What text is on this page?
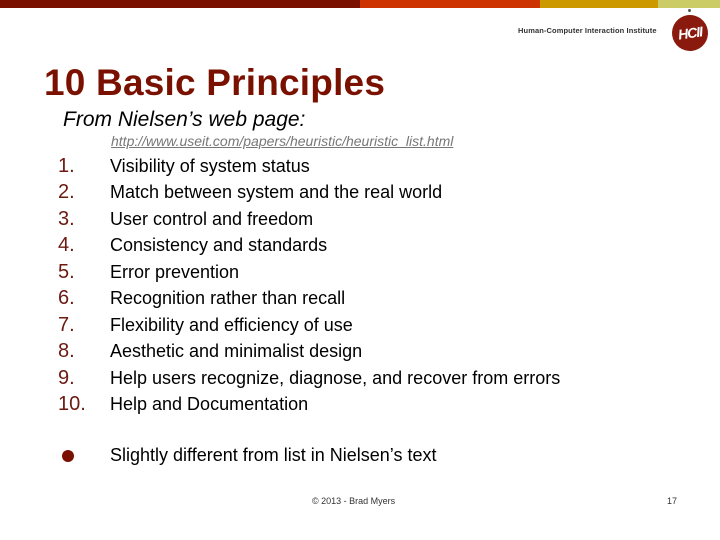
Human-Computer Interaction Institute HCII
10 Basic Principles
From Nielsen’s web page:
http://www.useit.com/papers/heuristic/heuristic_list.html
1.	Visibility of system status
2.	Match between system and the real world
3.	User control and freedom
4.	Consistency and standards
5.	Error prevention
6.	Recognition rather than recall
7.	Flexibility and efficiency of use
8.	Aesthetic and minimalist design
9.	Help users recognize, diagnose, and recover from errors
10.	Help and Documentation
Slightly different from list in Nielsen’s text
© 2013 - Brad Myers	17
